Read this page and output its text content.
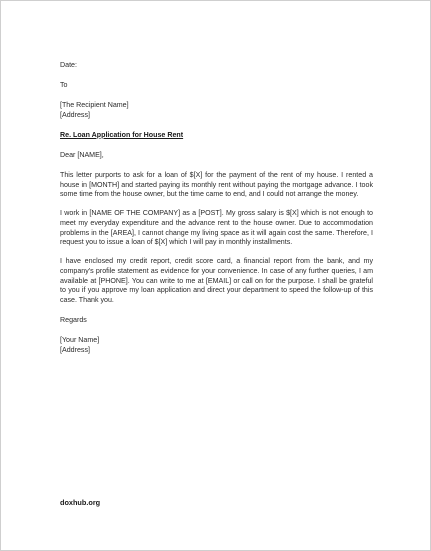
Date:
To
[The Recipient Name]
[Address]
Re. Loan Application for House Rent
Dear [NAME],

This letter purports to ask for a loan of $[X] for the payment of the rent of my house. I rented a house in [MONTH] and started paying its monthly rent without paying the mortgage advance. I took some time from the house owner, but the time came to end, and I could not arrange the money.

I work in [NAME OF THE COMPANY] as a [POST]. My gross salary is $[X] which is not enough to meet my everyday expenditure and the advance rent to the house owner. Due to accommodation problems in the [AREA], I cannot change my living space as it will again cost the same. Therefore, I request you to issue a loan of $[X] which I will pay in monthly installments.

I have enclosed my credit report, credit score card, a financial report from the bank, and my company's profile statement as evidence for your convenience. In case of any further queries, I am available at [PHONE]. You can write to me at [EMAIL] or call on for the purpose. I shall be grateful to you if you approve my loan application and direct your department to speed the follow-up of this case. Thank you.

Regards
[Your Name]
[Address]
doxhub.org
